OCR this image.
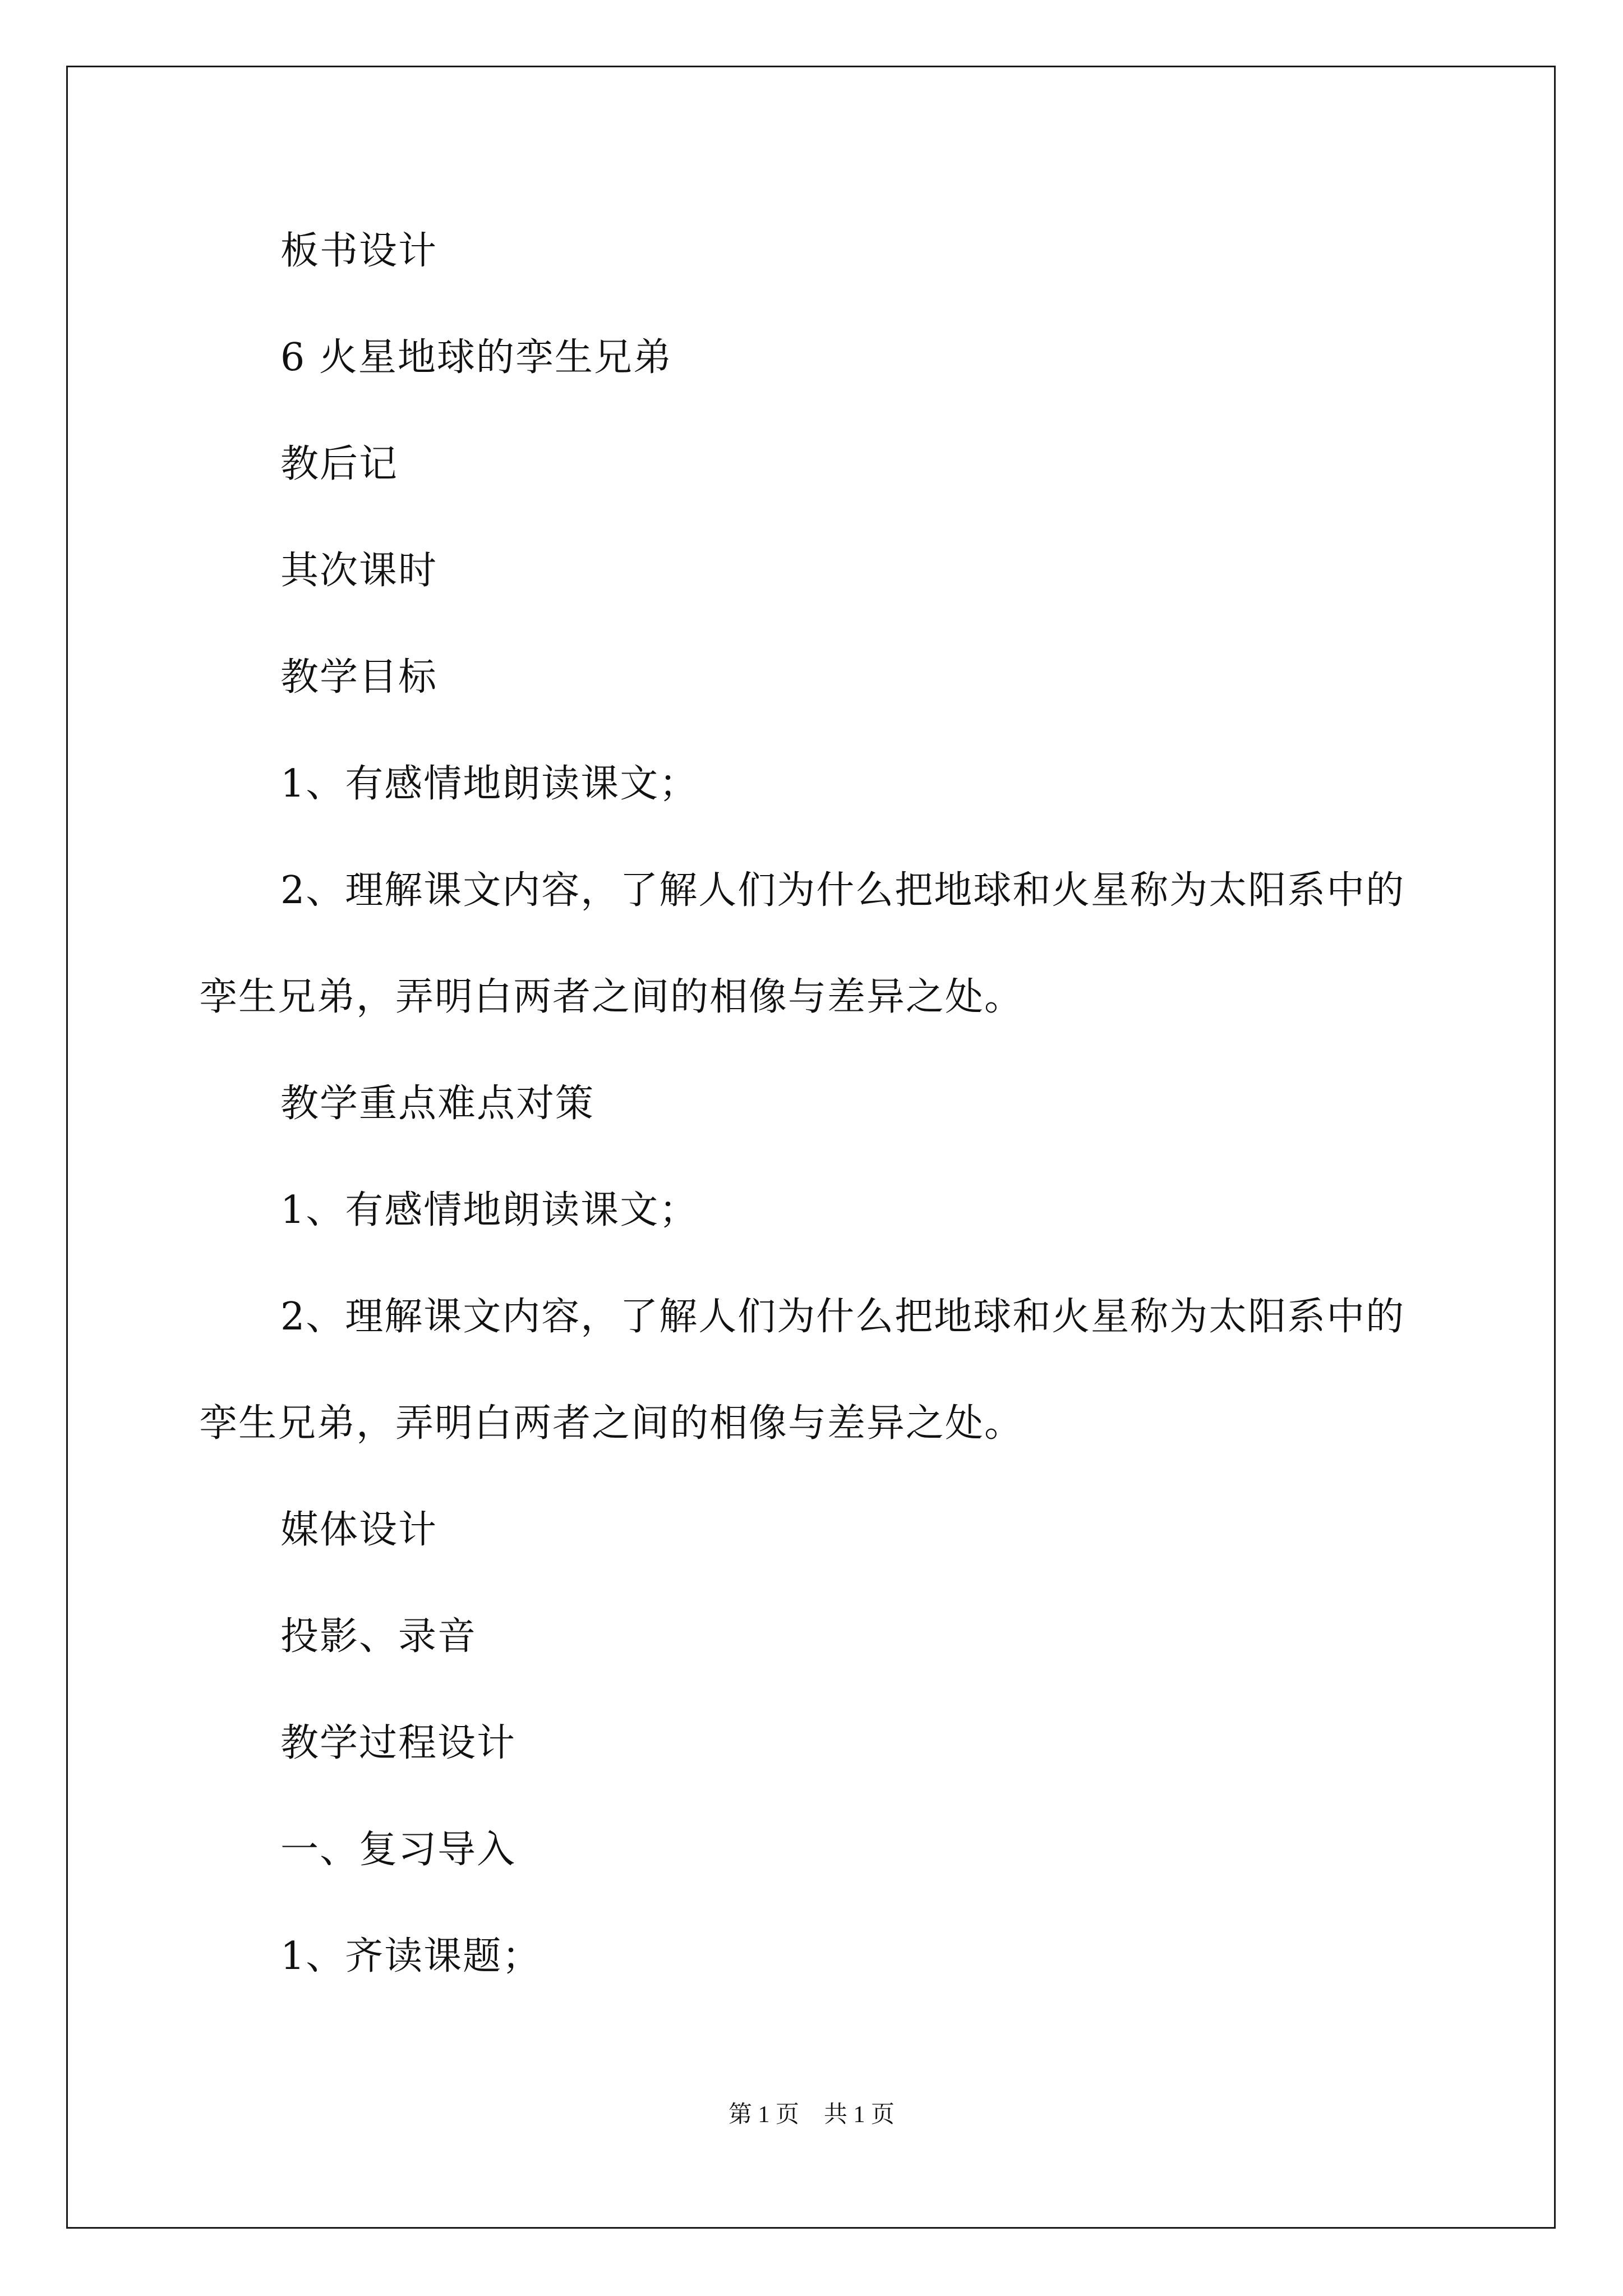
板书设计
6 火星地球的孪生兄弟
教后记
其次课时
教学目标
1、有感情地朗读课文；
2、理解课文内容，了解人们为什么把地球和火星称为太阳系中的
孪生兄弟，弄明白两者之间的相像与差异之处。
教学重点难点对策
1、有感情地朗读课文；
2、理解课文内容，了解人们为什么把地球和火星称为太阳系中的
孪生兄弟，弄明白两者之间的相像与差异之处。
媒体设计
投影、录音
教学过程设计
一、复习导入
1、齐读课题；
第 1 页 共 1 页
